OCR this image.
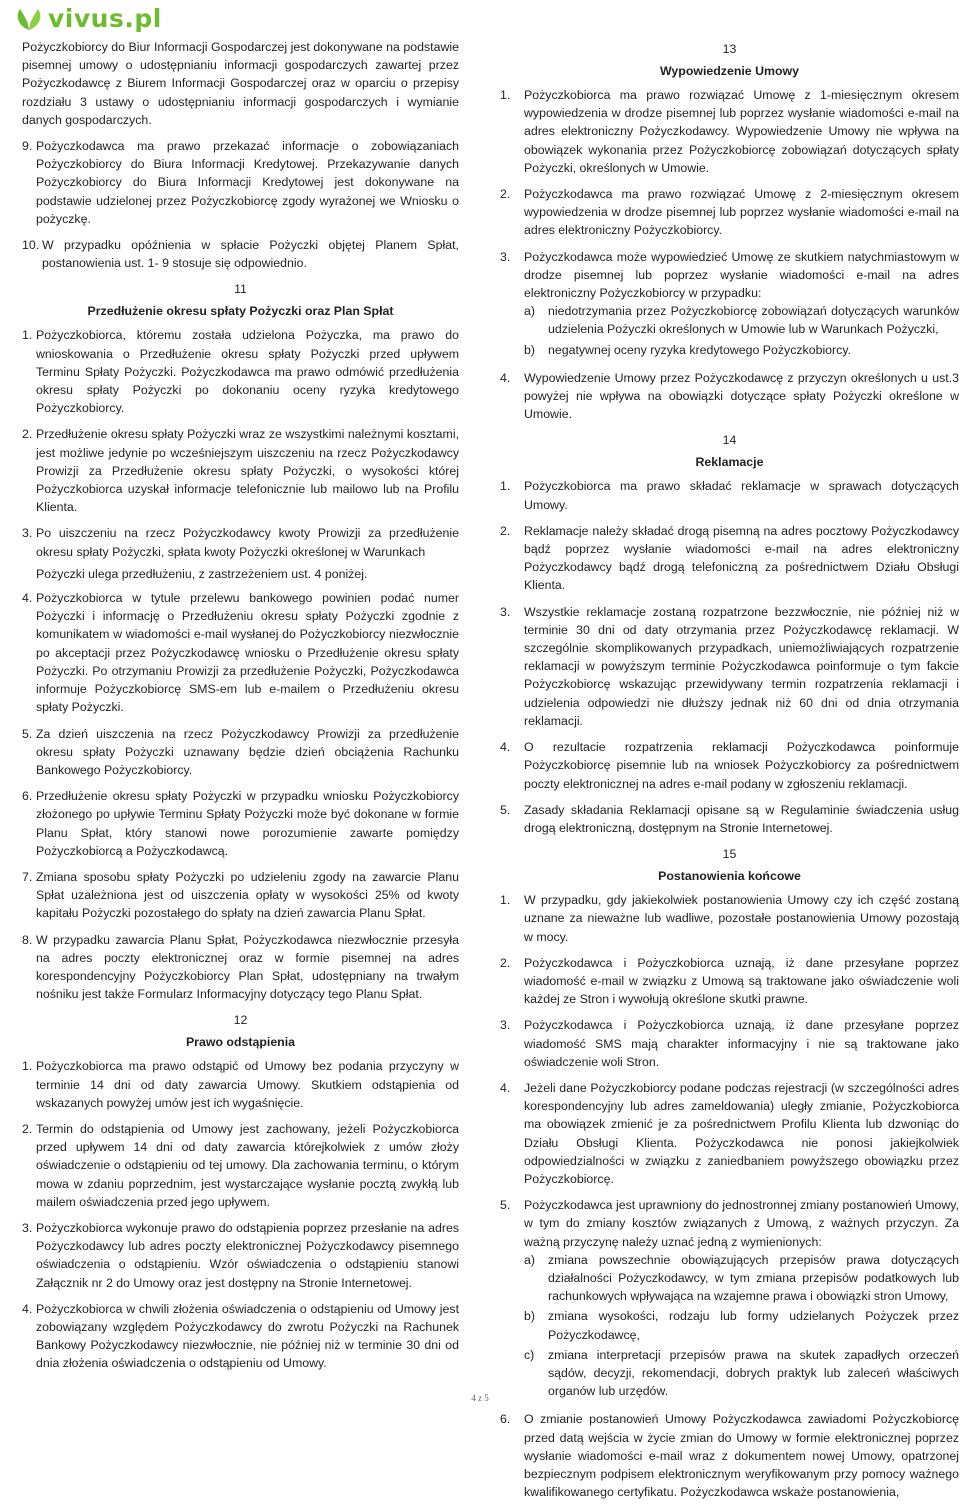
vivus.pl

Pożyczkobiorcy do Biur Informacji Gospodarczej jest dokonywane na podstawie pisemnej umowy o udostępnianiu informacji gospodarczych zawartej przez Pożyczkodawcę z Biurem Informacji Gospodarczej oraz w oparciu o przepisy rozdziału 3 ustawy o udostępnianiu informacji gospodarczych i wymianie danych gospodarczych.

9. Pożyczkodawca ma prawo przekazać informacje o zobowiązaniach Pożyczkobiorcy do Biura Informacji Kredytowej. Przekazywanie danych Pożyczkobiorcy do Biura Informacji Kredytowej jest dokonywane na podstawie udzielonej przez Pożyczkobiorcę zgody wyrażonej we Wniosku o pożyczkę.
10. W przypadku opóźnienia w spłacie Pożyczki objętej Planem Spłat, postanowienia ust. 1- 9 stosuje się odpowiednio.
11
Przedłużenie okresu spłaty Pożyczki oraz Plan Spłat
1. Pożyczkobiorca, któremu została udzielona Pożyczka, ma prawo do wnioskowania o Przedłużenie okresu spłaty Pożyczki przed upływem Terminu Spłaty Pożyczki. Pożyczkodawca ma prawo odmówić przedłużenia okresu spłaty Pożyczki po dokonaniu oceny ryzyka kredytowego Pożyczkobiorcy.
2. Przedłużenie okresu spłaty Pożyczki wraz ze wszystkimi należnymi kosztami, jest możliwe jedynie po wcześniejszym uiszczeniu na rzecz Pożyczkodawcy Prowizji za Przedłużenie okresu spłaty Pożyczki, o wysokości której Pożyczkobiorca uzyskał informacje telefonicznie lub mailowo lub na Profilu Klienta.
3. Po uiszczeniu na rzecz Pożyczkodawcy kwoty Prowizji za przedłużenie okresu spłaty Pożyczki, spłata kwoty Pożyczki określonej w Warunkach
Pożyczki ulega przedłużeniu, z zastrzeżeniem ust. 4 poniżej.
4. Pożyczkobiorca w tytule przelewu bankowego powinien podać numer Pożyczki i informację o Przedłużeniu okresu spłaty Pożyczki zgodnie z komunikatem w wiadomości e-mail wysłanej do Pożyczkobiorcy niezwłocznie po akceptacji przez Pożyczkodawcę wniosku o Przedłużenie okresu spłaty Pożyczki. Po otrzymaniu Prowizji za przedłużenie Pożyczki, Pożyczkodawca informuje Pożyczkobiorcę SMS-em lub e-mailem o Przedłużeniu okresu spłaty Pożyczki.
5. Za dzień uiszczenia na rzecz Pożyczkodawcy Prowizji za przedłużenie okresu spłaty Pożyczki uznawany będzie dzień obciążenia Rachunku Bankowego Pożyczkobiorcy.
6. Przedłużenie okresu spłaty Pożyczki w przypadku wniosku Pożyczkobiorcy złożonego po upływie Terminu Spłaty Pożyczki może być dokonane w formie Planu Spłat, który stanowi nowe porozumienie zawarte pomiędzy Pożyczkobiorcą a Pożyczkodawcą.
7. Zmiana sposobu spłaty Pożyczki po udzieleniu zgody na zawarcie Planu Spłat uzależniona jest od uiszczenia opłaty w wysokości 25% od kwoty kapitału Pożyczki pozostałego do spłaty na dzień zawarcia Planu Spłat.
8. W przypadku zawarcia Planu Spłat, Pożyczkodawca niezwłocznie przesyła na adres poczty elektronicznej oraz w formie pisemnej na adres korespondencyjny Pożyczkobiorcy Plan Spłat, udostępniany na trwałym nośniku jest także Formularz Informacyjny dotyczący tego Planu Spłat.
12
Prawo odstąpienia
1. Pożyczkobiorca ma prawo odstąpić od Umowy bez podania przyczyny w terminie 14 dni od daty zawarcia Umowy. Skutkiem odstąpienia od wskazanych powyżej umów jest ich wygaśnięcie.
2. Termin do odstąpienia od Umowy jest zachowany, jeżeli Pożyczkobiorca przed upływem 14 dni od daty zawarcia którejkolwiek z umów złoży oświadczenie o odstąpieniu od tej umowy. Dla zachowania terminu, o którym mowa w zdaniu poprzednim, jest wystarczające wysłanie pocztą zwykłą lub mailem oświadczenia przed jego upływem.
3. Pożyczkobiorca wykonuje prawo do odstąpienia poprzez przesłanie na adres Pożyczkodawcy lub adres poczty elektronicznej Pożyczkodawcy pisemnego oświadczenia o odstąpieniu. Wzór oświadczenia o odstąpieniu stanowi Załącznik nr 2 do Umowy oraz jest dostępny na Stronie Internetowej.
4. Pożyczkobiorca w chwili złożenia oświadczenia o odstąpieniu od Umowy jest zobowiązany względem Pożyczkodawcy do zwrotu Pożyczki na Rachunek Bankowy Pożyczkodawcy niezwłocznie, nie później niż w terminie 30 dni od dnia złożenia oświadczenia o odstąpieniu od Umowy.
13
Wypowiedzenie Umowy
1.	Pożyczkobiorca ma prawo rozwiązać Umowę z 1-miesięcznym okresem wypowiedzenia w drodze pisemnej lub poprzez wysłanie wiadomości e-mail na adres elektroniczny Pożyczkodawcy. Wypowiedzenie Umowy nie wpływa na obowiązek wykonania przez Pożyczkobiorcę zobowiązań dotyczących spłaty Pożyczki, określonych w Umowie.
2.	Pożyczkodawca ma prawo rozwiązać Umowę z 2-miesięcznym okresem wypowiedzenia w drodze pisemnej lub poprzez wysłanie wiadomości e-mail na adres elektroniczny Pożyczkobiorcy.
3.	Pożyczkodawca może wypowiedzieć Umowę ze skutkiem natychmiastowym w drodze pisemnej lub poprzez wysłanie wiadomości e-mail na adres elektroniczny Pożyczkobiorcy w przypadku:
a)	niedotrzymania przez Pożyczkobiorcę zobowiązań dotyczących warunków udzielenia Pożyczki określonych w Umowie lub w Warunkach Pożyczki,
b)	negatywnej oceny ryzyka kredytowego Pożyczkobiorcy.
4.	Wypowiedzenie Umowy przez Pożyczkodawcę z przyczyn określonych u ust.3 powyżej nie wpływa na obowiązki dotyczące spłaty Pożyczki określone w Umowie.
14
Reklamacje
1.	Pożyczkobiorca ma prawo składać reklamacje w sprawach dotyczących Umowy.
2.	Reklamacje należy składać drogą pisemną na adres pocztowy Pożyczkodawcy bądź poprzez wysłanie wiadomości e-mail na adres elektroniczny Pożyczkodawcy bądź drogą telefoniczną za pośrednictwem Działu Obsługi Klienta.
3.	Wszystkie reklamacje zostaną rozpatrzone bezzwłocznie, nie później niż w terminie 30 dni od daty otrzymania przez Pożyczkodawcę reklamacji. W szczególnie skomplikowanych przypadkach, uniemożliwiających rozpatrzenie reklamacji w powyższym terminie Pożyczkodawca poinformuje o tym fakcie Pożyczkobiorcę wskazując przewidywany termin rozpatrzenia reklamacji i udzielenia odpowiedzi nie dłuższy jednak niż 60 dni od dnia otrzymania reklamacji.
4.	O rezultacie rozpatrzenia reklamacji Pożyczkodawca poinformuje Pożyczkobiorcę pisemnie lub na wniosek Pożyczkobiorcy za pośrednictwem poczty elektronicznej na adres e-mail podany w zgłoszeniu reklamacji.
5.	Zasady składania Reklamacji opisane są w Regulaminie świadczenia usług drogą elektroniczną, dostępnym na Stronie Internetowej.
15
Postanowienia końcowe
1.	W przypadku, gdy jakiekolwiek postanowienia Umowy czy ich część zostaną uznane za nieważne lub wadliwe, pozostałe postanowienia Umowy pozostają w mocy.
2.	Pożyczkodawca i Pożyczkobiorca uznają, iż dane przesyłane poprzez wiadomość e-mail w związku z Umową są traktowane jako oświadczenie woli każdej ze Stron i wywołują określone skutki prawne.
3.	Pożyczkodawca i Pożyczkobiorca uznają, iż dane przesyłane poprzez wiadomość SMS mają charakter informacyjny i nie są traktowane jako oświadczenie woli Stron.
4.	Jeżeli dane Pożyczkobiorcy podane podczas rejestracji (w szczególności adres korespondencyjny lub adres zameldowania) uległy zmianie, Pożyczkobiorca ma obowiązek zmienić je za pośrednictwem Profilu Klienta lub dzwoniąc do Działu Obsługi Klienta. Pożyczkodawca nie ponosi jakiejkolwiek odpowiedzialności w związku z zaniedbaniem powyższego obowiązku przez Pożyczkobiorcę.
5.	Pożyczkodawca jest uprawniony do jednostronnej zmiany postanowień Umowy, w tym do zmiany kosztów związanych z Umową, z ważnych przyczyn. Za ważną przyczynę należy uznać jedną z wymienionych:
a)	zmiana powszechnie obowiązujących przepisów prawa dotyczących działalności Pożyczkodawcy, w tym zmiana przepisów podatkowych lub rachunkowych wpływająca na wzajemne prawa i obowiązki stron Umowy,
b)	zmiana wysokości, rodzaju lub formy udzielanych Pożyczek przez Pożyczkodawcę,
c)	zmiana interpretacji przepisów prawa na skutek zapadłych orzeczeń sądów, decyzji, rekomendacji, dobrych praktyk lub zaleceń właściwych organów lub urzędów.
6.	O zmianie postanowień Umowy Pożyczkodawca zawiadomi Pożyczkobiorcę przed datą wejścia w życie zmian do Umowy w formie elektronicznej poprzez wysłanie wiadomości e-mail wraz z dokumentem nowej Umowy, opatrzonej bezpiecznym podpisem elektronicznym weryfikowanym przy pomocy ważnego kwalifikowanego certyfikatu. Pożyczkodawca wskaże postanowienia,
4 z 5
